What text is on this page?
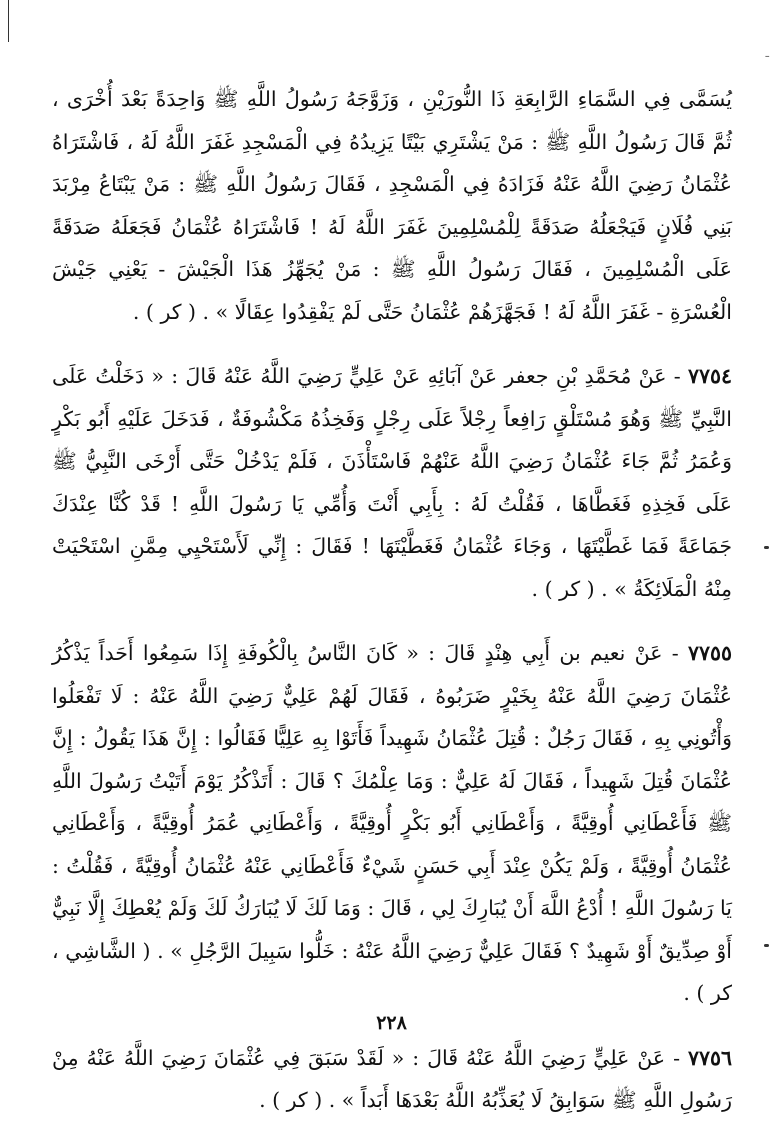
ـ

يُسَمَّى فِي السَّمَاءِ الرَّابِعَةِ ذَا النُّورَيْنِ ، وَزَوَّجَهُ رَسُولُ اللَّهِ ﷺ وَاحِدَةً بَعْدَ أُخْرَى ، ثُمَّ قَالَ رَسُولُ اللَّهِ ﷺ : مَنْ يَشْتَرِي بَيْتًا يَزِيدُهُ فِي الْمَسْجِدِ غَفَرَ اللَّهُ لَهُ ، فَاشْتَرَاهُ عُثْمَانُ رَضِيَ اللَّهُ عَنْهُ فَزَادَهُ فِي الْمَسْجِدِ ، فَقَالَ رَسُولُ اللَّهِ ﷺ : مَنْ يَبْتَاعُ مِرْبَدَ بَنِي فُلَانٍ فَيَجْعَلُهُ صَدَقَةً لِلْمُسْلِمِينَ غَفَرَ اللَّهُ لَهُ ! فَاشْتَرَاهُ عُثْمَانُ فَجَعَلَهُ صَدَقَةً عَلَى الْمُسْلِمِينَ ، فَقَالَ رَسُولُ اللَّهِ ﷺ : مَنْ يُجَهِّزُ هَذَا الْجَيْشَ - يَعْنِي جَيْشَ الْعُسْرَةِ - غَفَرَ اللَّهُ لَهُ ! فَجَهَّزَهُمْ عُثْمَانُ حَتَّى لَمْ يَفْقِدُوا عِقَالًا » . ( كر ) .

٧٧٥٤ - عَنْ مُحَمَّدِ بْنِ جعفر عَنْ آبَائِهِ عَنْ عَلِيٍّ رَضِيَ اللَّهُ عَنْهُ قَالَ : « دَخَلْتُ عَلَى النَّبِيِّ ﷺ وَهُوَ مُسْتَلْقٍ رَافِعاً رِجْلاً عَلَى رِجْلٍ وَفَخِذُهُ مَكْشُوفَةٌ ، فَدَخَلَ عَلَيْهِ أَبُو بَكْرٍ وَعُمَرُ ثُمَّ جَاءَ عُثْمَانُ رَضِيَ اللَّهُ عَنْهُمْ فَاسْتَأْذَنَ ، فَلَمْ يَدْخُلْ حَتَّى أَرْخَى النَّبِيُّ ﷺ عَلَى فَخِذِهِ فَغَطَّاهَا ، فَقُلْتُ لَهُ : بِأَبِي أَنْتَ وَأُمِّي يَا رَسُولَ اللَّهِ ! قَدْ كُنَّا عِنْدَكَ جَمَاعَةً فَمَا غَطَّيْتَهَا ، وَجَاءَ عُثْمَانُ فَغَطَّيْتَهَا ! فَقَالَ : إِنِّي لَأَسْتَحْيِي مِمَّنِ اسْتَحْيَتْ مِنْهُ الْمَلَائِكَةُ » . ( كر ) .

٧٧٥٥ - عَنْ نعيم بن أَبِي هِنْدٍ قَالَ : « كَانَ النَّاسُ بِالْكُوفَةِ إِذَا سَمِعُوا أَحَداً يَذْكُرُ عُثْمَانَ رَضِيَ اللَّهُ عَنْهُ بِخَيْرٍ ضَرَبُوهُ ، فَقَالَ لَهُمْ عَلِيٌّ رَضِيَ اللَّهُ عَنْهُ : لَا تَفْعَلُوا وَأْتُونِي بِهِ ، فَقَالَ رَجُلٌ : قُتِلَ عُثْمَانُ شَهِيداً فَأَتَوْا بِهِ عَلِيًّا فَقَالُوا : إِنَّ هَذَا يَقُولُ : إِنَّ عُثْمَانَ قُتِلَ شَهِيداً ، فَقَالَ لَهُ عَلِيٌّ : وَمَا عِلْمُكَ ؟ قَالَ : أَتَذْكُرُ يَوْمَ أَتَيْتُ رَسُولَ اللَّهِ ﷺ فَأَعْطَانِي أُوقِيَّةً ، وَأَعْطَانِي أَبُو بَكْرٍ أُوقِيَّةً ، وَأَعْطَانِي عُمَرُ أُوقِيَّةً ، وَأَعْطَانِي عُثْمَانُ أُوقِيَّةً ، وَلَمْ يَكُنْ عِنْدَ أَبِي حَسَنٍ شَيْءٌ فَأَعْطَانِي عَنْهُ عُثْمَانُ أُوقِيَّةً ، فَقُلْتُ : يَا رَسُولَ اللَّهِ ! أُدْعُ اللَّهَ أَنْ يُبَارِكَ لِي ، قَالَ : وَمَا لَكَ لَا يُبَارَكُ لَكَ وَلَمْ يُعْطِكَ إِلَّا نَبِيٌّ أَوْ صِدِّيقٌ أَوْ شَهِيدٌ ؟ فَقَالَ عَلِيٌّ رَضِيَ اللَّهُ عَنْهُ : خَلُّوا سَبِيلَ الرَّجُلِ » . ( الشَّاشِي ، كر ) .

٧٧٥٦ - عَنْ عَلِيٍّ رَضِيَ اللَّهُ عَنْهُ قَالَ : « لَقَدْ سَبَقَ فِي عُثْمَانَ رَضِيَ اللَّهُ عَنْهُ مِنْ رَسُولِ اللَّهِ ﷺ سَوَابِقُ لَا يُعَذِّبُهُ اللَّهُ بَعْدَهَا أَبَداً » . ( كر ) .

٢٢٨
